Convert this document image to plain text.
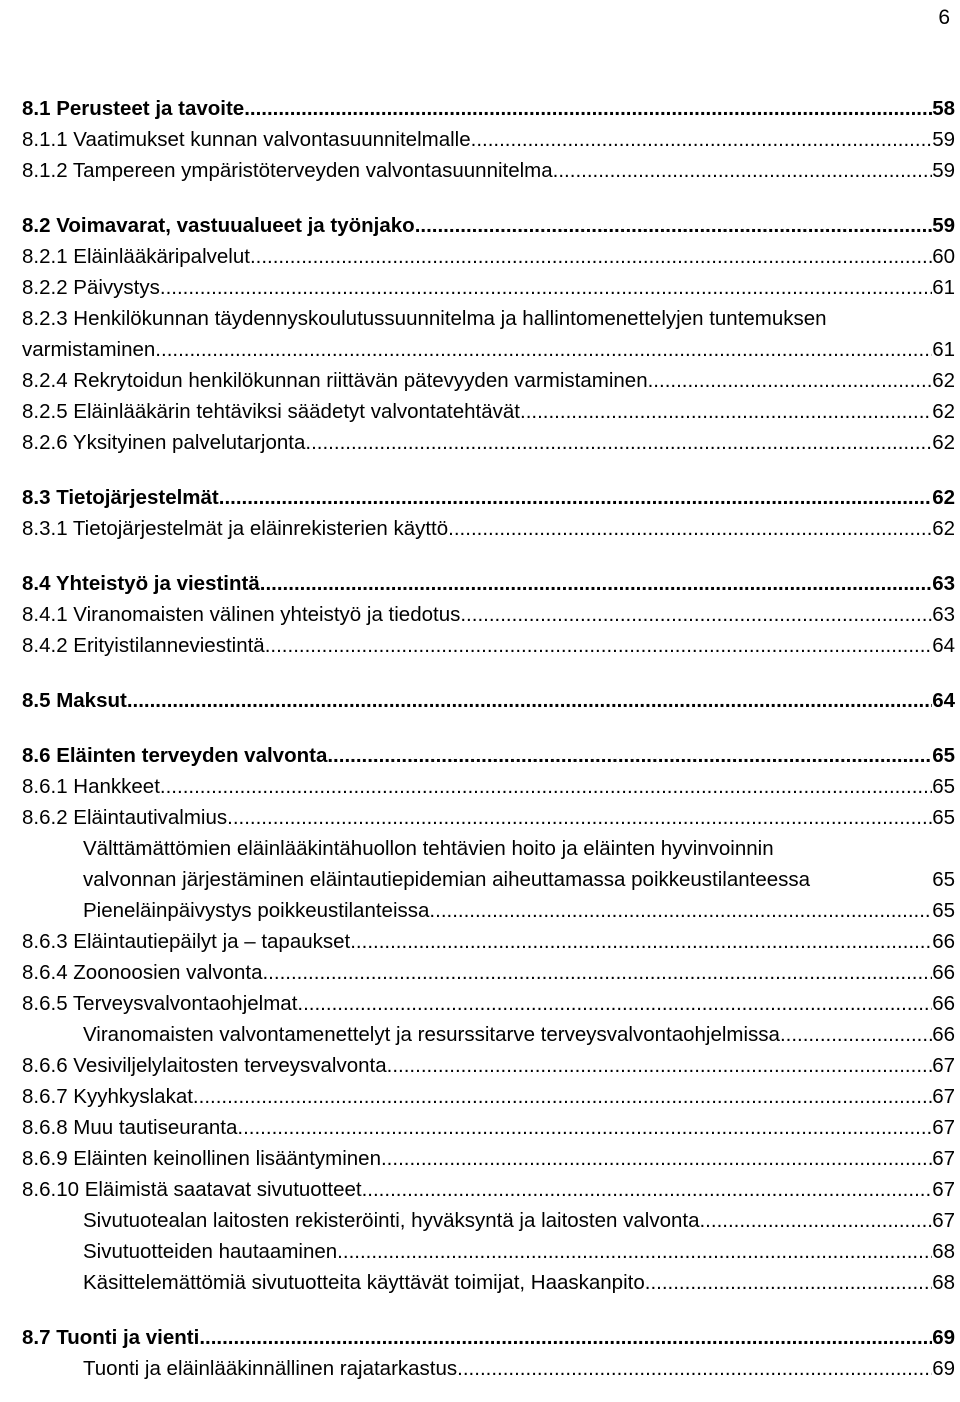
6
8.1 Perusteet ja tavoite .....	58
8.1.1 Vaatimukset kunnan valvontasuunnitelmalle .....	59
8.1.2 Tampereen ympäristöterveyden valvontasuunnitelma .....	59
8.2 Voimavarat, vastuualueet ja työnjako .....	59
8.2.1 Eläinlääkäripalvelut .....	60
8.2.2 Päivystys .....	61
8.2.3 Henkilökunnan täydennyskoulutussuunnitelma ja hallintomenettelyjen tuntemuksen
varmistaminen .....	61
8.2.4 Rekrytoidun henkilökunnan riittävän pätevyyden varmistaminen .....	62
8.2.5 Eläinlääkärin tehtäviksi säädetyt valvontatehtävät .....	62
8.2.6 Yksityinen palvelutarjonta .....	62
8.3 Tietojärjestelmät .....	62
8.3.1 Tietojärjestelmät ja eläinrekisterien käyttö .....	62
8.4 Yhteistyö ja viestintä .....	63
8.4.1 Viranomaisten välinen yhteistyö ja tiedotus .....	63
8.4.2 Erityistilanneviestintä .....	64
8.5 Maksut .....	64
8.6 Eläinten terveyden valvonta .....	65
8.6.1 Hankkeet .....	65
8.6.2 Eläintautivalmius .....	65
Välttämättömien eläinlääkintähuollon tehtävien hoito ja eläinten hyvinvoinnin
valvonnan järjestäminen eläintautiepidemian aiheuttamassa poikkeustilanteessa	65
Pieneläinpäivystys poikkeustilanteissa .....	65
8.6.3 Eläintautiepäilyt ja – tapaukset .....	66
8.6.4 Zoonoosien valvonta .....	66
8.6.5 Terveysvalvontaohjelmat .....	66
Viranomaisten valvontamenettelyt ja resurssitarve terveysvalvontaohjelmissa .....	66
8.6.6 Vesiviljelylaitosten terveysvalvonta .....	67
8.6.7 Kyyhkyslakat .....	67
8.6.8 Muu tautiseuranta .....	67
8.6.9 Eläinten keinollinen lisääntyminen .....	67
8.6.10 Eläimistä saatavat sivutuotteet .....	67
Sivutuotealan laitosten rekisteröinti, hyväksyntä ja laitosten valvonta .....	67
Sivutuotteiden hautaaminen .....	68
Käsittelemättömiä sivutuotteita käyttävät toimijat, Haaskanpito .....	68
8.7 Tuonti ja vienti .....	69
Tuonti ja eläinlääkinnällinen rajatarkastus .....	69
